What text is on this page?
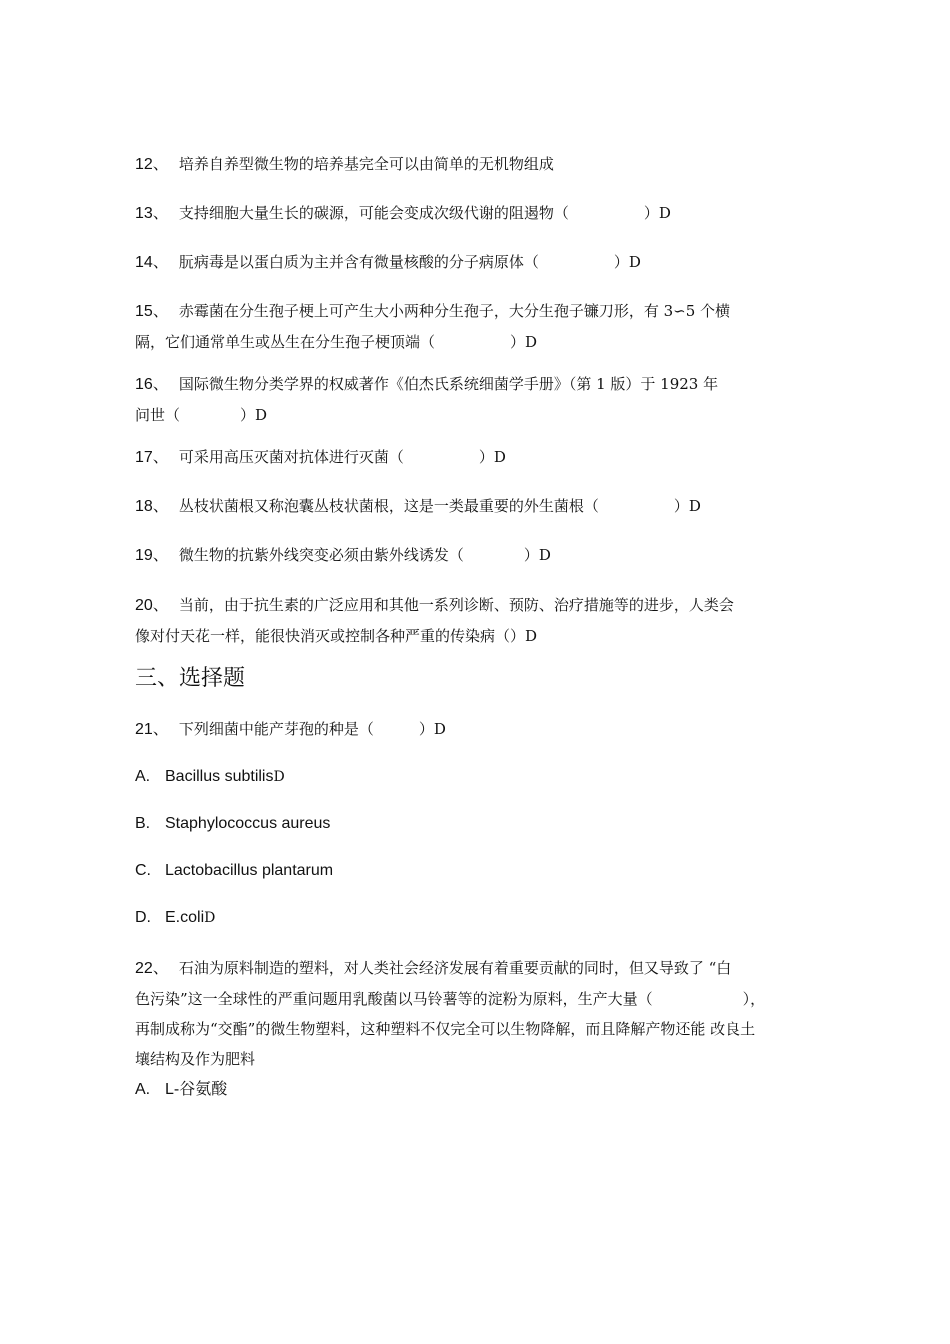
12、 培养自养型微生物的培养基完全可以由简单的无机物组成
13、 支持细胞大量生长的碳源，可能会变成次级代谢的阻遏物（　　　　　）D
14、 朊病毒是以蛋白质为主并含有微量核酸的分子病原体（　　　　　）D
15、 赤霉菌在分生孢子梗上可产生大小两种分生孢子，大分生孢子镰刀形，有 3∽5 个横
隔，它们通常单生或丛生在分生孢子梗顶端（　　　　　）D
16、 国际微生物分类学界的权威著作《伯杰氏系统细菌学手册》（第 1 版）于 1923 年
问世（　　　　）D
17、 可采用高压灭菌对抗体进行灭菌（　　　　　）D
18、 丛枝状菌根又称泡囊丛枝状菌根，这是一类最重要的外生菌根（　　　　　）D
19、 微生物的抗紫外线突变必须由紫外线诱发（　　　　）D
20、 当前，由于抗生素的广泛应用和其他一系列诊断、预防、治疗措施等的进步，人类会
像对付天花一样，能很快消灭或控制各种严重的传染病（）D
三、选择题
21、 下列细菌中能产芽孢的种是（　　　）D
A. Bacillus subtilisD
B. Staphylococcus aureus
C. Lactobacillus plantarum
D. E.coliD
22、 石油为原料制造的塑料，对人类社会经济发展有着重要贡献的同时，但又导致了 “白
色污染”这一全球性的严重问题用乳酸菌以马铃薯等的淀粉为原料，生产大量（　　　　　　），
再制成称为“交酯”的微生物塑料，这种塑料不仅完全可以生物降解，而且降解产物还能 改良土
壤结构及作为肥料
A. L-谷氨酸
